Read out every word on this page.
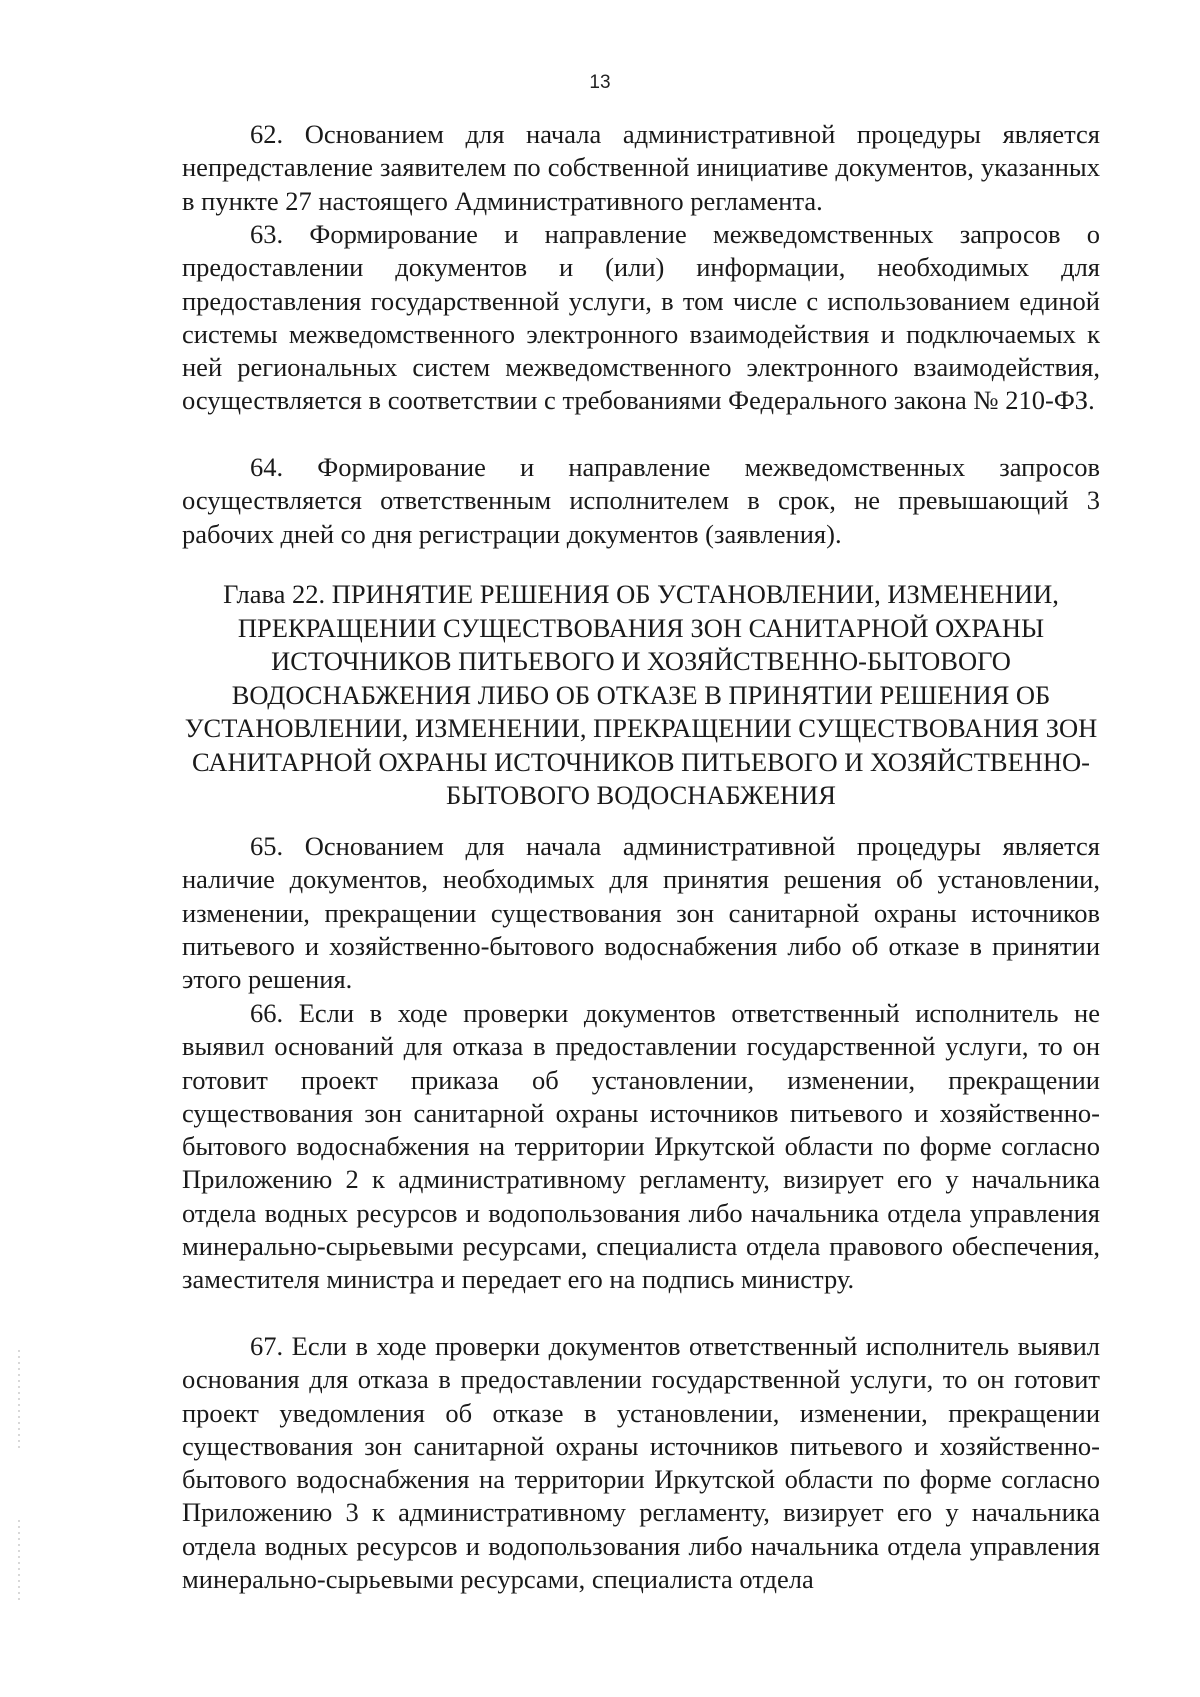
13

62. Основанием для начала административной процедуры является непредставление заявителем по собственной инициативе документов, указанных в пункте 27 настоящего Административного регламента.

63. Формирование и направление межведомственных запросов о предоставлении документов и (или) информации, необходимых для предоставления государственной услуги, в том числе с использованием единой системы межведомственного электронного взаимодействия и подключаемых к ней региональных систем межведомственного электронного взаимодействия, осуществляется в соответствии с требованиями Федерального закона № 210-ФЗ.

64. Формирование и направление межведомственных запросов осуществляется ответственным исполнителем в срок, не превышающий 3 рабочих дней со дня регистрации документов (заявления).

Глава 22. ПРИНЯТИЕ РЕШЕНИЯ ОБ УСТАНОВЛЕНИИ, ИЗМЕНЕНИИ, ПРЕКРАЩЕНИИ СУЩЕСТВОВАНИЯ ЗОН САНИТАРНОЙ ОХРАНЫ ИСТОЧНИКОВ ПИТЬЕВОГО И ХОЗЯЙСТВЕННО-БЫТОВОГО ВОДОСНАБЖЕНИЯ ЛИБО ОБ ОТКАЗЕ В ПРИНЯТИИ РЕШЕНИЯ ОБ УСТАНОВЛЕНИИ, ИЗМЕНЕНИИ, ПРЕКРАЩЕНИИ СУЩЕСТВОВАНИЯ ЗОН САНИТАРНОЙ ОХРАНЫ ИСТОЧНИКОВ ПИТЬЕВОГО И ХОЗЯЙСТВЕННО-БЫТОВОГО ВОДОСНАБЖЕНИЯ

65. Основанием для начала административной процедуры является наличие документов, необходимых для принятия решения об установлении, изменении, прекращении существования зон санитарной охраны источников питьевого и хозяйственно-бытового водоснабжения либо об отказе в принятии этого решения.

66. Если в ходе проверки документов ответственный исполнитель не выявил оснований для отказа в предоставлении государственной услуги, то он готовит проект приказа об установлении, изменении, прекращении существования зон санитарной охраны источников питьевого и хозяйственно-бытового водоснабжения на территории Иркутской области по форме согласно Приложению 2 к административному регламенту, визирует его у начальника отдела водных ресурсов и водопользования либо начальника отдела управления минерально-сырьевыми ресурсами, специалиста отдела правового обеспечения, заместителя министра и передает его на подпись министру.

67. Если в ходе проверки документов ответственный исполнитель выявил основания для отказа в предоставлении государственной услуги, то он готовит проект уведомления об отказе в установлении, изменении, прекращении существования зон санитарной охраны источников питьевого и хозяйственно-бытового водоснабжения на территории Иркутской области по форме согласно Приложению 3 к административному регламенту, визирует его у начальника отдела водных ресурсов и водопользования либо начальника отдела управления минерально-сырьевыми ресурсами, специалиста отдела
